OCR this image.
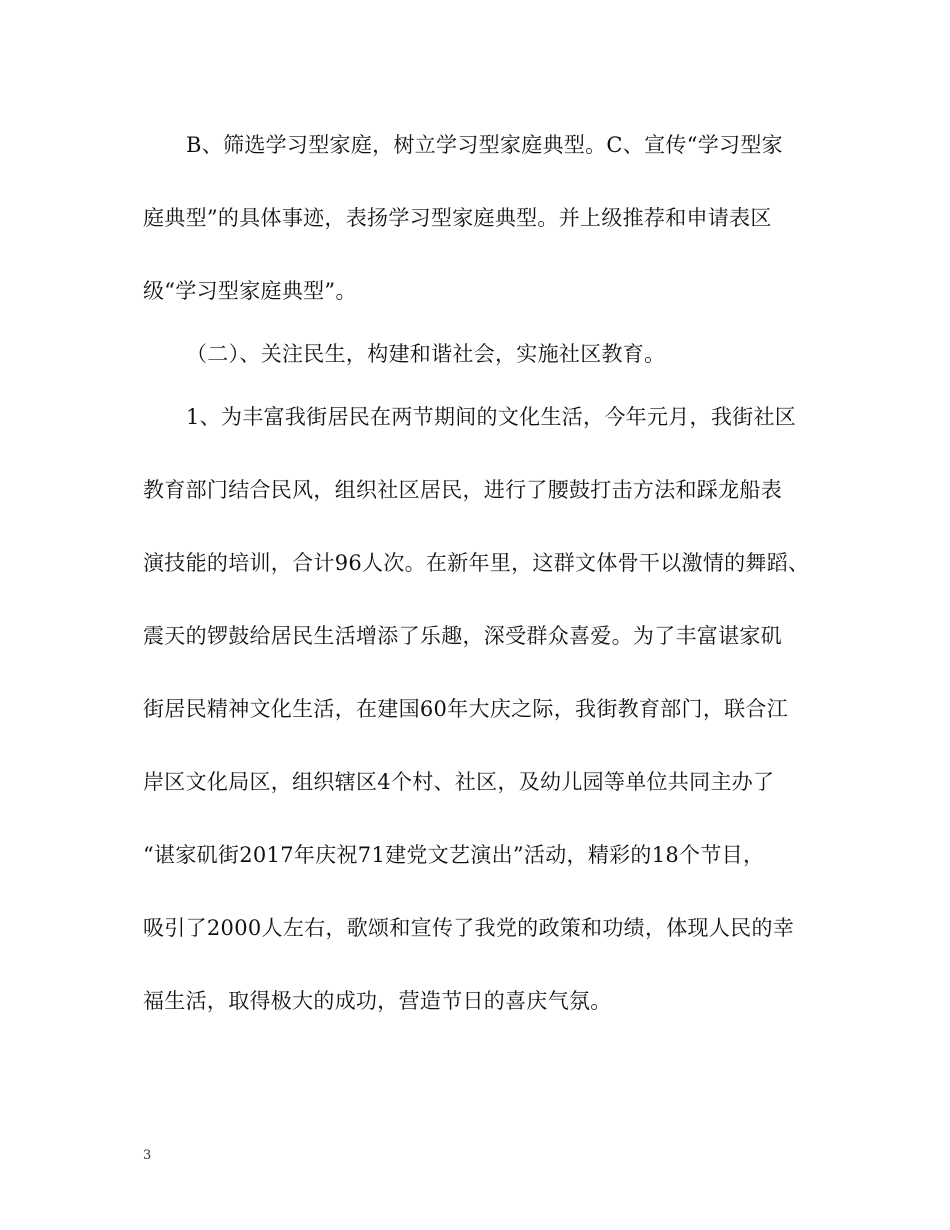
B、筛选学习型家庭，树立学习型家庭典型。C、宣传“学习型家
庭典型”的具体事迹，表扬学习型家庭典型。并上级推荐和申请表区
级“学习型家庭典型”。
（二）、关注民生，构建和谐社会，实施社区教育。
1、为丰富我街居民在两节期间的文化生活，今年元月，我街社区
教育部门结合民风，组织社区居民，进行了腰鼓打击方法和踩龙船表
演技能的培训，合计96人次。在新年里，这群文体骨干以激情的舞蹈、
震天的锣鼓给居民生活增添了乐趣，深受群众喜爱。为了丰富谌家矶
街居民精神文化生活，在建国60年大庆之际，我街教育部门，联合江
岸区文化局区，组织辖区4个村、社区，及幼儿园等单位共同主办了
“谌家矶街2017年庆祝71建党文艺演出”活动，精彩的18个节目，
吸引了2000人左右，歌颂和宣传了我党的政策和功绩，体现人民的幸
福生活，取得极大的成功，营造节日的喜庆气氛。
3
